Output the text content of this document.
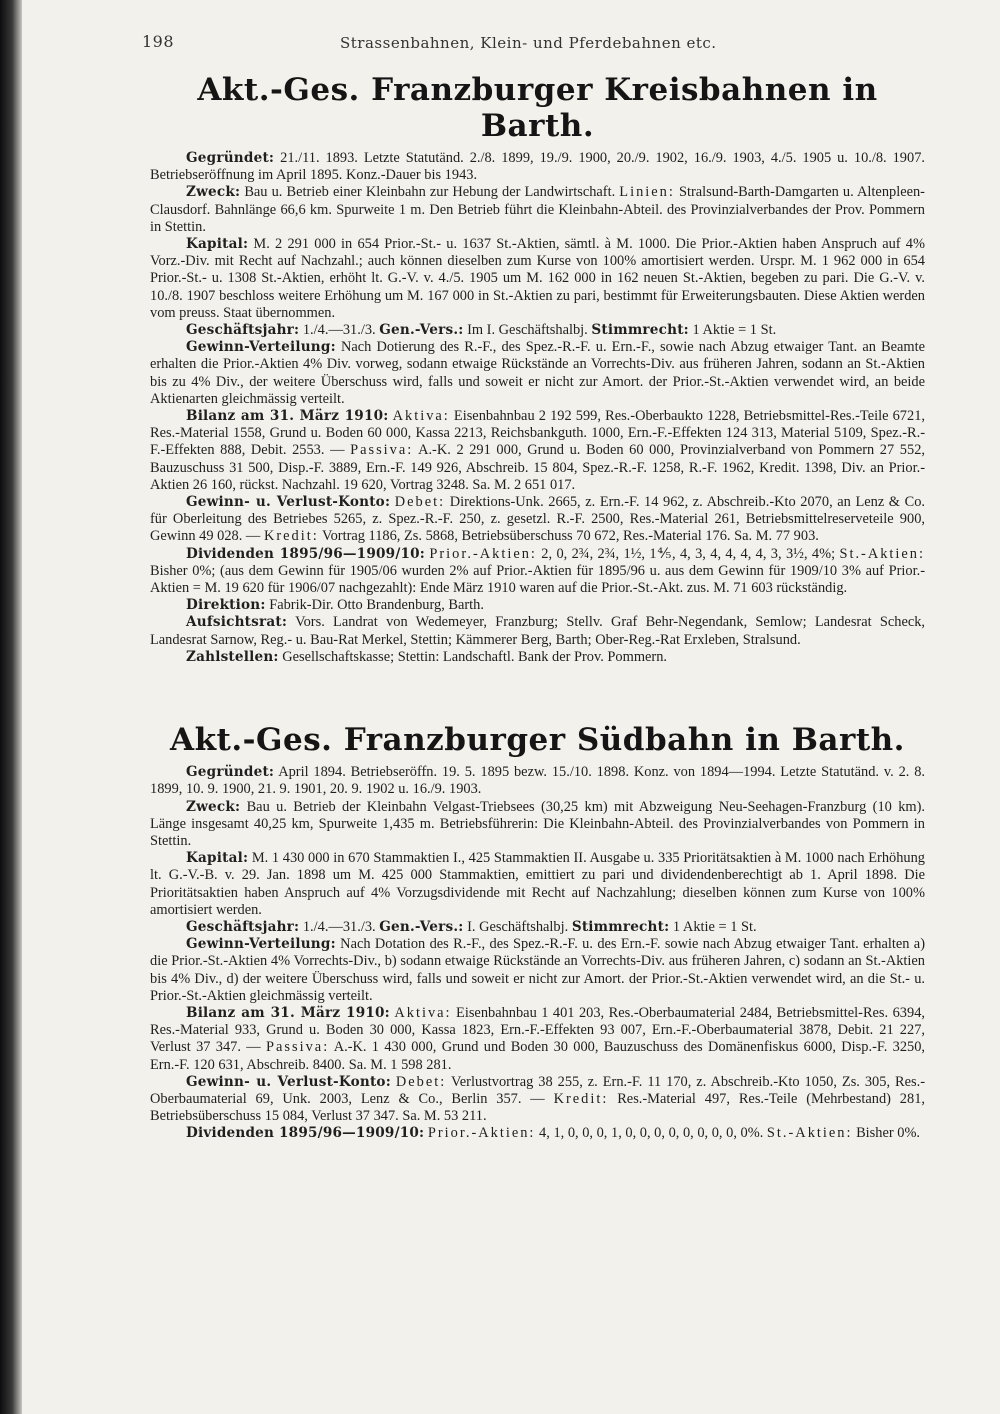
198	Strassenbahnen, Klein- und Pferdebahnen etc.
Akt.-Ges. Franzburger Kreisbahnen in Barth.

Gegründet: 21./11. 1893. Letzte Statutänd. 2./8. 1899, 19./9. 1900, 20./9. 1902, 16./9. 1903, 4./5. 1905 u. 10./8. 1907. Betriebseröffnung im April 1895. Konz.-Dauer bis 1943.

Zweck: Bau u. Betrieb einer Kleinbahn zur Hebung der Landwirtschaft. Linien: Stralsund-Barth-Damgarten u. Altenpleen-Clausdorf. Bahnlänge 66,6 km. Spurweite 1 m. Den Betrieb führt die Kleinbahn-Abteil. des Provinzialverbandes der Prov. Pommern in Stettin.

Kapital: M. 2 291 000 in 654 Prior.-St.- u. 1637 St.-Aktien, sämtl. à M. 1000. Die Prior.-Aktien haben Anspruch auf 4% Vorz.-Div. mit Recht auf Nachzahl.; auch können dieselben zum Kurse von 100% amortisiert werden. Urspr. M. 1 962 000 in 654 Prior.-St.- u. 1308 St.-Aktien, erhöht lt. G.-V. v. 4./5. 1905 um M. 162 000 in 162 neuen St.-Aktien, begeben zu pari. Die G.-V. v. 10./8. 1907 beschloss weitere Erhöhung um M. 167 000 in St.-Aktien zu pari, bestimmt für Erweiterungsbauten. Diese Aktien werden vom preuss. Staat übernommen.

Geschäftsjahr: 1./4.—31./3. Gen.-Vers.: Im I. Geschäftshalbj. Stimmrecht: 1 Aktie = 1 St.

Gewinn-Verteilung: Nach Dotierung des R.-F., des Spez.-R.-F. u. Ern.-F., sowie nach Abzug etwaiger Tant. an Beamte erhalten die Prior.-Aktien 4% Div. vorweg, sodann etwaige Rückstände an Vorrechts-Div. aus früheren Jahren, sodann an St.-Aktien bis zu 4% Div., der weitere Überschuss wird, falls und soweit er nicht zur Amort. der Prior.-St.-Aktien verwendet wird, an beide Aktienarten gleichmässig verteilt.

Bilanz am 31. März 1910: Aktiva: Eisenbahnbau 2 192 599, Res.-Oberbaukto 1228, Betriebsmittel-Res.-Teile 6721, Res.-Material 1558, Grund u. Boden 60 000, Kassa 2213, Reichsbankguth. 1000, Ern.-F.-Effekten 124 313, Material 5109, Spez.-R.-F.-Effekten 888, Debit. 2553. — Passiva: A.-K. 2 291 000, Grund u. Boden 60 000, Provinzialverband von Pommern 27 552, Bauzuschuss 31 500, Disp.-F. 3889, Ern.-F. 149 926, Abschreib. 15 804, Spez.-R.-F. 1258, R.-F. 1962, Kredit. 1398, Div. an Prior.-Aktien 26 160, rückst. Nachzahl. 19 620, Vortrag 3248. Sa. M. 2 651 017.

Gewinn- u. Verlust-Konto: Debet: Direktions-Unk. 2665, z. Ern.-F. 14 962, z. Abschreib.-Kto 2070, an Lenz & Co. für Oberleitung des Betriebes 5265, z. Spez.-R.-F. 250, z. gesetzl. R.-F. 2500, Res.-Material 261, Betriebsmittelreserveteile 900, Gewinn 49 028. — Kredit: Vortrag 1186, Zs. 5868, Betriebsüberschuss 70 672, Res.-Material 176. Sa. M. 77 903.

Dividenden 1895/96—1909/10: Prior.-Aktien: 2, 0, 2¾, 2¾, 1½, 1⅘, 4, 3, 4, 4, 4, 4, 3, 3½, 4%; St.-Aktien: Bisher 0%; (aus dem Gewinn für 1905/06 wurden 2% auf Prior.-Aktien für 1895/96 u. aus dem Gewinn für 1909/10 3% auf Prior.-Aktien = M. 19 620 für 1906/07 nachgezahlt): Ende März 1910 waren auf die Prior.-St.-Akt. zus. M. 71 603 rückständig.

Direktion: Fabrik-Dir. Otto Brandenburg, Barth.

Aufsichtsrat: Vors. Landrat von Wedemeyer, Franzburg; Stellv. Graf Behr-Negendank, Semlow; Landesrat Scheck, Landesrat Sarnow, Reg.- u. Bau-Rat Merkel, Stettin; Kämmerer Berg, Barth; Ober-Reg.-Rat Erxleben, Stralsund.

Zahlstellen: Gesellschaftskasse; Stettin: Landschaftl. Bank der Prov. Pommern.

Akt.-Ges. Franzburger Südbahn in Barth.

Gegründet: April 1894. Betriebseröffn. 19. 5. 1895 bezw. 15./10. 1898. Konz. von 1894—1994. Letzte Statutänd. v. 2. 8. 1899, 10. 9. 1900, 21. 9. 1901, 20. 9. 1902 u. 16./9. 1903.

Zweck: Bau u. Betrieb der Kleinbahn Velgast-Triebsees (30,25 km) mit Abzweigung Neu-Seehagen-Franzburg (10 km). Länge insgesamt 40,25 km, Spurweite 1,435 m. Betriebsführerin: Die Kleinbahn-Abteil. des Provinzialverbandes von Pommern in Stettin.

Kapital: M. 1 430 000 in 670 Stammaktien I., 425 Stammaktien II. Ausgabe u. 335 Prioritätsaktien à M. 1000 nach Erhöhung lt. G.-V.-B. v. 29. Jan. 1898 um M. 425 000 Stammaktien, emittiert zu pari und dividendenberechtigt ab 1. April 1898. Die Prioritätsaktien haben Anspruch auf 4% Vorzugsdividende mit Recht auf Nachzahlung; dieselben können zum Kurse von 100% amortisiert werden.

Geschäftsjahr: 1./4.—31./3. Gen.-Vers.: I. Geschäftshalbj. Stimmrecht: 1 Aktie = 1 St.

Gewinn-Verteilung: Nach Dotation des R.-F., des Spez.-R.-F. u. des Ern.-F. sowie nach Abzug etwaiger Tant. erhalten a) die Prior.-St.-Aktien 4% Vorrechts-Div., b) sodann etwaige Rückstände an Vorrechts-Div. aus früheren Jahren, c) sodann an St.-Aktien bis 4% Div., d) der weitere Überschuss wird, falls und soweit er nicht zur Amort. der Prior.-St.-Aktien verwendet wird, an die St.- u. Prior.-St.-Aktien gleichmässig verteilt.

Bilanz am 31. März 1910: Aktiva: Eisenbahnbau 1 401 203, Res.-Oberbaumaterial 2484, Betriebsmittel-Res. 6394, Res.-Material 933, Grund u. Boden 30 000, Kassa 1823, Ern.-F.-Effekten 93 007, Ern.-F.-Oberbaumaterial 3878, Debit. 21 227, Verlust 37 347. — Passiva: A.-K. 1 430 000, Grund und Boden 30 000, Bauzuschuss des Domänenfiskus 6000, Disp.-F. 3250, Ern.-F. 120 631, Abschreib. 8400. Sa. M. 1 598 281.

Gewinn- u. Verlust-Konto: Debet: Verlustvortrag 38 255, z. Ern.-F. 11 170, z. Abschreib.-Kto 1050, Zs. 305, Res.-Oberbaumaterial 69, Unk. 2003, Lenz & Co., Berlin 357. — Kredit: Res.-Material 497, Res.-Teile (Mehrbestand) 281, Betriebsüberschuss 15 084, Verlust 37 347. Sa. M. 53 211.

Dividenden 1895/96—1909/10: Prior.-Aktien: 4, 1, 0, 0, 0, 1, 0, 0, 0, 0, 0, 0, 0, 0, 0%. St.-Aktien: Bisher 0%.
